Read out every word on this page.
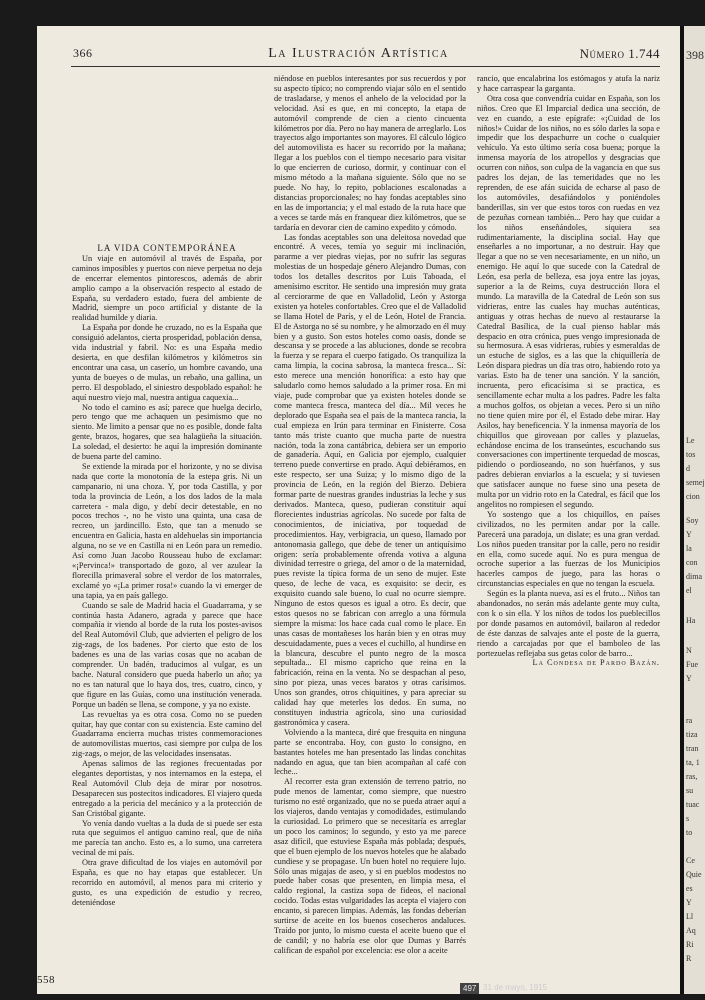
366	La Ilustración Artística	Número 1.744

LA VIDA CONTEMPORÁNEA

Un viaje en automóvil al través de España, por caminos imposibles y puertos con nieve perpetua no deja de encerrar elementos pintorescos, además de abrir amplio campo a la observación respecto al estado de España, su verdadero estado, fuera del ambiente de Madrid, siempre un poco artificial y distante de la realidad humilde y diaria.

La España por donde he cruzado, no es la España que consiguió adelantos, cierta prosperidad, población densa, vida industrial y fabril. No: es una España medio desierta, en que desfilan kilómetros y kilómetros sin encontrar una casa, un caserío, un hombre cavando, una yunta de bueyes o de mulas, un rebaño, una gallina, un perro. El despoblado, el siniestro despoblado español: he aquí nuestro viejo mal, nuestra antigua caquexia...

No todo el camino es así; parece que huelga decirlo, pero tengo que me achaquen un pesimismo que no siento. Me limito a pensar que no es posible, donde falta gente, brazos, hogares, que sea halagüeña la situación. La soledad, el desierto: he aquí la impresión dominante de buena parte del camino.

Se extiende la mirada por el horizonte, y no se divisa nada que corte la monotonía de la estepa gris. Ni un campanario, ni una choza. Y, por toda Castilla, y por toda la provincia de León, a los dos lados de la mala carretera - mala digo, y debí decir detestable, en no pocos trechos -, no he visto una quinta, una casa de recreo, un jardincillo. Esto, que tan a menudo se encuentra en Galicia, hasta en aldehuelas sin importancia alguna, no se ve en Castilla ni en León para un remedio. Así como Juan Jacobo Rousseau hubo de exclamar: «¡Pervinca!» transportado de gozo, al ver azulear la florecilla primaveral sobre el verdor de los matorrales, exclamé yo «¡La primer rosa!» cuando la vi emerger de una tapia, ya en país gallego.

Cuando se sale de Madrid hacia el Guadarrama, y se continúa hasta Adanero, agrada y parece que hace compañía ir viendo al borde de la ruta los postes-avisos del Real Automóvil Club, que advierten el peligro de los zig-zags, de los badenes. Por cierto que esto de los badenes es una de las varias cosas que no acaban de comprender. Un badén, traducimos al vulgar, es un bache. Natural considero que pueda haberlo un año; ya no es tan natural que lo haya dos, tres, cuatro, cinco, y que figure en las Guías, como una institución venerada. Porque un badén se llena, se compone, y ya no existe.

Las revueltas ya es otra cosa. Como no se pueden quitar, hay que contar con su existencia. Este camino del Guadarrama encierra muchas tristes conmemoraciones de automovilistas muertos, casi siempre por culpa de los zig-zags, o mejor, de las velocidades insensatas.

Apenas salimos de las regiones frecuentadas por elegantes deportistas, y nos internamos en la estepa, el Real Automóvil Club deja de mirar por nosotros. Desaparecen sus postecitos indicadores. El viajero queda entregado a la pericia del mecánico y a la protección de San Cristóbal gigante.

Yo venía dando vueltas a la duda de si puede ser esta ruta que seguimos el antiguo camino real, que de niña me parecía tan ancho. Esto es, a lo sumo, una carretera vecinal de mi país.

Otra grave dificultad de los viajes en automóvil por España, es que no hay etapas que establecer. Un recorrido en automóvil, al menos para mi criterio y gusto, es una expedición de estudio y recreo, deteniéndose

niéndose en pueblos interesantes por sus recuerdos y por su aspecto típico; no comprendo viajar sólo en el sentido de trasladarse, y menos el anhelo de la velocidad por la velocidad. Así es que, en mi concepto, la etapa de automóvil comprende de cien a ciento cincuenta kilómetros por día. Pero no hay manera de arreglarlo. Los trayectos algo importantes son mayores. El cálculo lógico del automovilista es hacer su recorrido por la mañana; llegar a los pueblos con el tiempo necesario para visitar lo que encierren de curioso, dormir, y continuar con el mismo método a la mañana siguiente. Sólo que no se puede. No hay, lo repito, poblaciones escalonadas a distancias proporcionales; no hay fondas aceptables sino en las de importancia; y el mal estado de la ruta hace que a veces se tarde más en franquear diez kilómetros, que se tardaría en devorar cien de camino expedito y cómodo.

Las fondas aceptables son una deleitosa novedad que encontré. A veces, temía yo seguir mi inclinación, pararme a ver piedras viejas, por no sufrir las seguras molestias de un hospedaje género Alejandro Dumas, con todos los detalles descritos por Luis Taboada, el amenísimo escritor. He sentido una impresión muy grata al cerciorarme de que en Valladolid, León y Astorga existen ya hoteles confortables. Creo que el de Valladolid se llama Hotel de París, y el de León, Hotel de Francia. El de Astorga no sé su nombre, y he almorzado en él muy bien y a gusto. Son estos hoteles como oasis, donde se descansa y se procede a las abluciones, donde se recobra la fuerza y se repara el cuerpo fatigado. Os tranquiliza la cama limpia, la cocina sabrosa, la manteca fresca... Sí: esto merece una mención honorífica: a esto hay que saludarlo como hemos saludado a la primer rosa. En mi viaje, pude comprobar que ya existen hoteles donde se come manteca fresca, manteca del día... Mil veces he deplorado que España sea el país de la manteca rancia, la cual empieza en Irún para terminar en Finisterre. Cosa tanto más triste cuanto que mucha parte de nuestra nación, toda la zona cantábrica, debiera ser un emporio de ganadería. Aquí, en Galicia por ejemplo, cualquier terreno puede convertirse en prado. Aquí debiéramos, en este respecto, ser una Suiza; y lo mismo digo de la provincia de León, en la región del Bierzo. Debiera formar parte de nuestras grandes industrias la leche y sus derivados. Manteca, queso, pudieran constituir aquí florecientes industrias agrícolas. No sucede por falta de conocimientos, de iniciativa, por toquedad de procedimientos. Hay, verbigracia, un queso, llamado por antonomasia gallego, que debe de tener un antiquísimo origen: sería probablemente ofrenda votiva a alguna divinidad terrestre o griega, del amor o de la maternidad, pues reviste la típica forma de un seno de mujer. Este queso, de leche de vaca, es exquisito: se decir, es exquisito cuando sale bueno, lo cual no ocurre siempre. Ninguno de estos quesos es igual a otro. Es decir, que estos quesos no se fabrican con arreglo a una fórmula siempre la misma: los hace cada cual como le place. En unas casas de montañeses los harán bien y en otras muy descuidadamente, pues a veces el cuchillo, al hundirse en la blancura, descubre el punto negro de la mosca sepultada... El mismo capricho que reina en la fabricación, reina en la venta. No se despachan al peso, sino por pieza, unas veces baratos y otras carísimos. Unos son grandes, otros chiquitines, y para apreciar su calidad hay que meterles los dedos. En suma, no constituyen industria agrícola, sino una curiosidad gastronómica y casera.

Volviendo a la manteca, diré que fresquita en ninguna parte se encontraba. Hoy, con gusto lo consigno, en bastantes hoteles me han presentado las lindas conchitas nadando en agua, que tan bien acompañan al café con leche...

Al recorrer esta gran extensión de terreno patrio, no pude menos de lamentar, como siempre, que nuestro turismo no esté organizado, que no se pueda atraer aquí a los viajeros, dando ventajas y comodidades, estimulando la curiosidad. Lo primero que se necesitaría es arreglar un poco los caminos; lo segundo, y esto ya me parece asaz difícil, que estuviese España más poblada; después, que el buen ejemplo de los nuevos hoteles que he alabado cundiese y se propagase. Un buen hotel no requiere lujo. Sólo unas migajas de aseo, y si en pueblos modestos no puede haber cosas que presenten, en limpia mesa, el caldo regional, la castiza sopa de fideos, el nacional cocido. Todas estas vulgaridades las acepta el viajero con encanto, si parecen limpias. Además, las fondas deberían surtirse de aceite en los buenos cosecheros andaluces. Traído por junto, lo mismo cuesta el aceite bueno que el de candil; y no habría ese olor que Dumas y Barrés califican de español por excelencia: ese olor a aceite

rancio, que encalabrina los estómagos y atufa la nariz y hace carraspear la garganta.

Otra cosa que convendría cuidar en España, son los niños. Creo que El Imparcial dedica una sección, de vez en cuando, a este epígrafe: «¡Cuidad de los niños!» Cuidar de los niños, no es sólo darles la sopa e impedir que los despachurre un coche o cualquier vehículo. Ya esto último sería cosa buena; porque la inmensa mayoría de los atropellos y desgracias que ocurren con niños, son culpa de la vagancia en que sus padres los dejan, de las temeridades que no les reprenden, de ese afán suicida de echarse al paso de los automóviles, desafiándolos y poniéndoles banderillas, sin ver que estos toros con ruedas en vez de pezuñas cornean también... Pero hay que cuidar a los niños enseñándoles, siquiera sea rudimentariamente, la disciplina social. Hay que enseñarles a no importunar, a no destruir. Hay que llegar a que no se ven necesariamente, en un niño, un enemigo. He aquí lo que sucede con la Catedral de León, esa perla de belleza, esa joya entre las joyas, superior a la de Reims, cuya destrucción llora el mundo. La maravilla de la Catedral de León son sus vidrieras, entre las cuales hay muchas auténticas, antiguas y otras hechas de nuevo al restaurarse la Catedral Basílica, de la cual pienso hablar más despacio en otra crónica, pues vengo impresionada de su hermosura. A esas vidrieras, rubíes y esmeraldas de un estuche de siglos, es a las que la chiquillería de León dispara piedras un día tras otro, habiendo roto ya varias. Esto ha de tener una sanción. Y la sanción, incruenta, pero eficacísima si se practica, es sencillamente echar multa a los padres. Padre les falta a muchos golfos, os objetan a veces. Pero si un niño no tiene quien mire por él, el Estado debe mirar. Hay Asilos, hay beneficencia. Y la inmensa mayoría de los chiquillos que giroveaan por calles y plazuelas, echándose encima de los transeúntes, escuchando sus conversaciones con impertinente terquedad de moscas, pidiendo o pordioseando, no son huérfanos, y sus padres debieran enviarlos a la escuela; y si tuviesen que satisfacer aunque no fuese sino una peseta de multa por un vidrio roto en la Catedral, es fácil que los angelitos no rompiesen el segundo.

Yo sostengo que a los chiquillos, en países civilizados, no les permiten andar por la calle. Parecerá una paradoja, un dislate; es una gran verdad. Los niños pueden transitar por la calle, pero no residir en ella, como sucede aquí. No es pura mengua de ocroche superior a las fuerzas de los Municipios hacerles campos de juego, para las horas o circunstancias especiales en que no tengan la escuela.

Según es la planta nueva, así es el fruto... Niños tan abandonados, no serán más adelante gente muy culta, con k o sin ella. Y los niños de todos los pueblecillos por donde pasamos en automóvil, bailaron al rededor de éste danzas de salvajes ante el poste de la guerra, riendo a carcajadas por que el bamboleo de las portezuelas reflejaba sus getas color de barro...

La Condesa de Pardo Bazán.

558
398
Le
tos
d
semej
cion
Soy
Y
la
con
dima
el
Ha
N
Fue
Y
ra
tiza
tran
ta, 1
ras,
su
tuac
s
to
Ce
Quie
es
Y
Ll
Aq
Ri
R
497 31 de mayo, 1915
